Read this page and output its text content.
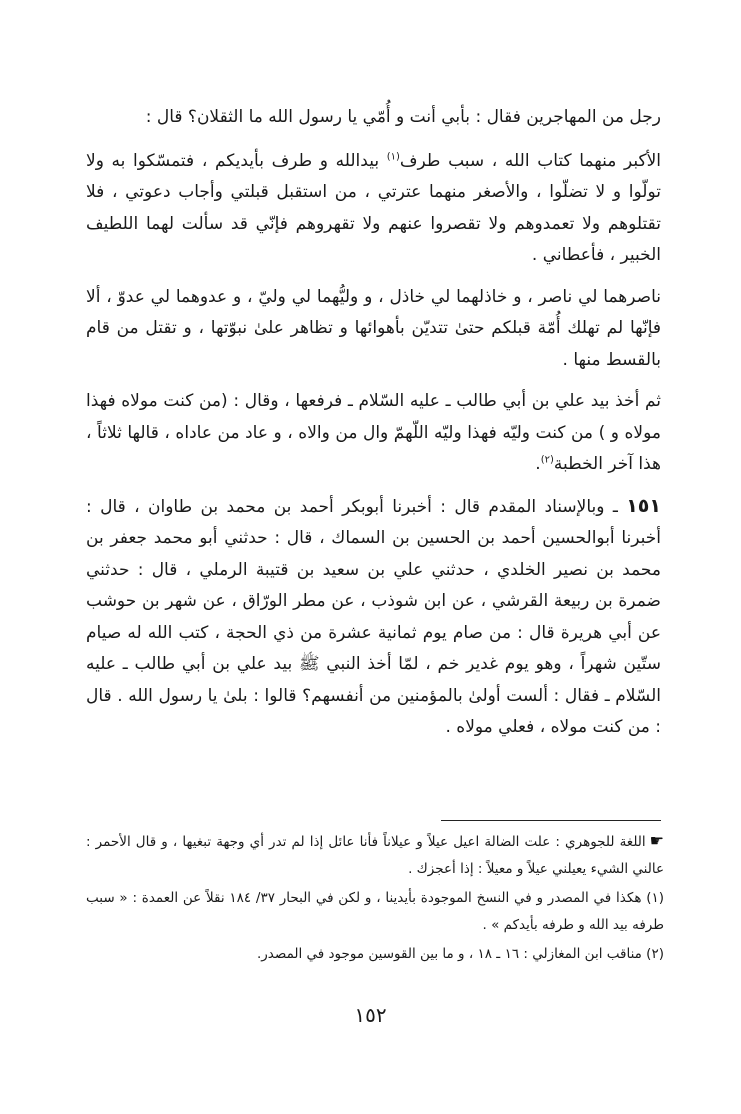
رجل من المهاجرين فقال : بأبي أنت و أُمّي يا رسول الله ما الثقلان؟ قال :

الأكبر منهما كتاب الله ، سبب طرف$^{(١)}$ بيدالله و طرف بأيديكم ، فتمسّكوا به ولا تولّوا و لا تضلّوا ، والأصغر منهما عترتي ، من استقبل قبلتي وأجاب دعوتي ، فلا تقتلوهم ولا تعمدوهم ولا تقصروا عنهم ولا تقهروهم فإنّي قد سألت لهما اللطيف الخبير ، فأعطاني .

ناصرهما لي ناصر ، و خاذلهما لي خاذل ، و وليُّهما لي وليّ ، و عدوهما لي عدوّ ، ألا فإنّها لم تهلك أُمّة قبلكم حتىٰ تتديّن بأهوائها و تظاهر علىٰ نبوّتها ، و تقتل من قام بالقسط منها .

ثم أخذ بيد علي بن أبي طالب ـ عليه السّلام ـ فرفعها ، وقال : (من كنت مولاه فهذا مولاه و ) من كنت وليّه فهذا وليّه اللّهمّ وال من والاه ، و عاد من عاداه ، قالها ثلاثاً ، هذا آخر الخطبة$^{(٢)}$.

١٥١ ـ وبالإسناد المقدم قال : أخبرنا أبوبكر أحمد بن محمد بن طاوان ، قال : أخبرنا أبوالحسين أحمد بن الحسين بن السماك ، قال : حدثني أبو محمد جعفر بن محمد بن نصير الخلدي ، حدثني علي بن سعيد بن قتيبة الرملي ، قال : حدثني ضمرة بن ربيعة القرشي ، عن ابن شوذب ، عن مطر الورّاق ، عن شهر بن حوشب عن أبي هريرة قال : من صام يوم ثمانية عشرة من ذي الحجة ، كتب الله له صيام ستّين شهراً ، وهو يوم غدير خم ، لمّا أخذ النبي ﷺ بيد علي بن أبي طالب ـ عليه السّلام ـ فقال : ألست أولىٰ بالمؤمنين من أنفسهم؟ قالوا : بلىٰ يا رسول الله . قال : من كنت مولاه ، فعلي مولاه .

☛اللغة للجوهري : علت الضالة اعيل عيلاً و عيلاناً فأنا عائل إذا لم تدر أي وجهة تبغيها ، و قال الأحمر : عالني الشيء يعيلني عيلاً و معيلاً : إذا أعجزك .

(١) هكذا في المصدر و في النسخ الموجودة بأيدينا ، و لكن في البحار ٣٧/ ١٨٤ نقلاً عن العمدة : « سبب طرفه بيد الله و طرفه بأيدكم » .

(٢) مناقب ابن المغازلي : ١٦ ـ ١٨ ، و ما بين القوسين موجود في المصدر.

١٥٢
